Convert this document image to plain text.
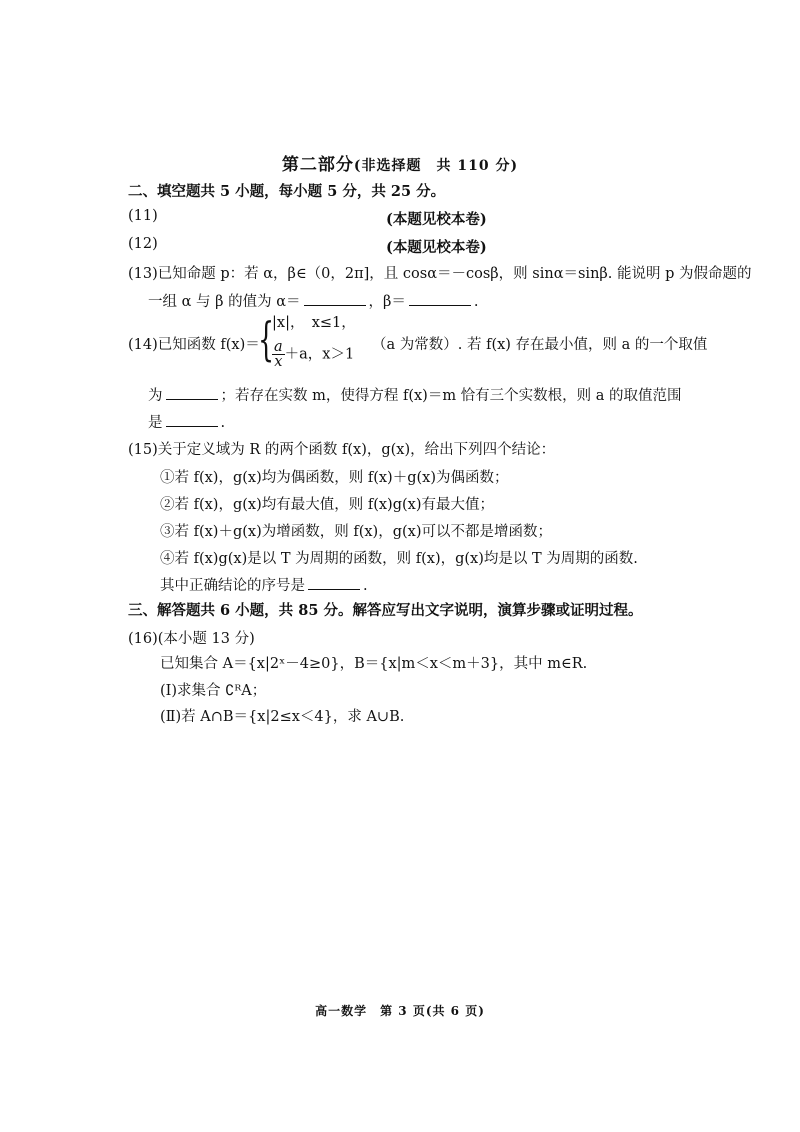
第二部分(非选择题　共 110 分)
二、填空题共 5 小题，每小题 5 分，共 25 分。
(11)	(本题见校本卷)
(12)	(本题见校本卷)
(13)已知命题 p：若 α，β∈（0，2π]，且 cosα＝－cosβ，则 sinα＝sinβ. 能说明 p 为假命题的
一组 α 与 β 的值为 α＝	，β＝	.
(14)已知函数 f(x)＝
{
|x|，　x≤1，
$\frac{a}{x} +a$，x＞1
（a 为常数）. 若 f(x) 存在最小值，则 a 的一个取值
为	；若存在实数 m，使得方程 f(x)＝m 恰有三个实数根，则 a 的取值范围
是	.
(15)关于定义域为 R 的两个函数 f(x)，g(x)，给出下列四个结论：
①若 f(x)，g(x)均为偶函数，则 f(x)＋g(x)为偶函数；
②若 f(x)，g(x)均有最大值，则 f(x)g(x)有最大值；
③若 f(x)＋g(x)为增函数，则 f(x)，g(x)可以不都是增函数；
④若 f(x)g(x)是以 T 为周期的函数，则 f(x)，g(x)均是以 T 为周期的函数.
其中正确结论的序号是	.
三、解答题共 6 小题，共 85 分。解答应写出文字说明，演算步骤或证明过程。
(16)(本小题 13 分)
已知集合 A＝{x|2ˣ－4≥0}，B＝{x|m＜x＜m＋3}，其中 m∈R.
(Ⅰ)求集合 ∁ᴿA；
(Ⅱ)若 A∩B＝{x|2≤x＜4}，求 A∪B.
高一数学　第 3 页(共 6 页)
